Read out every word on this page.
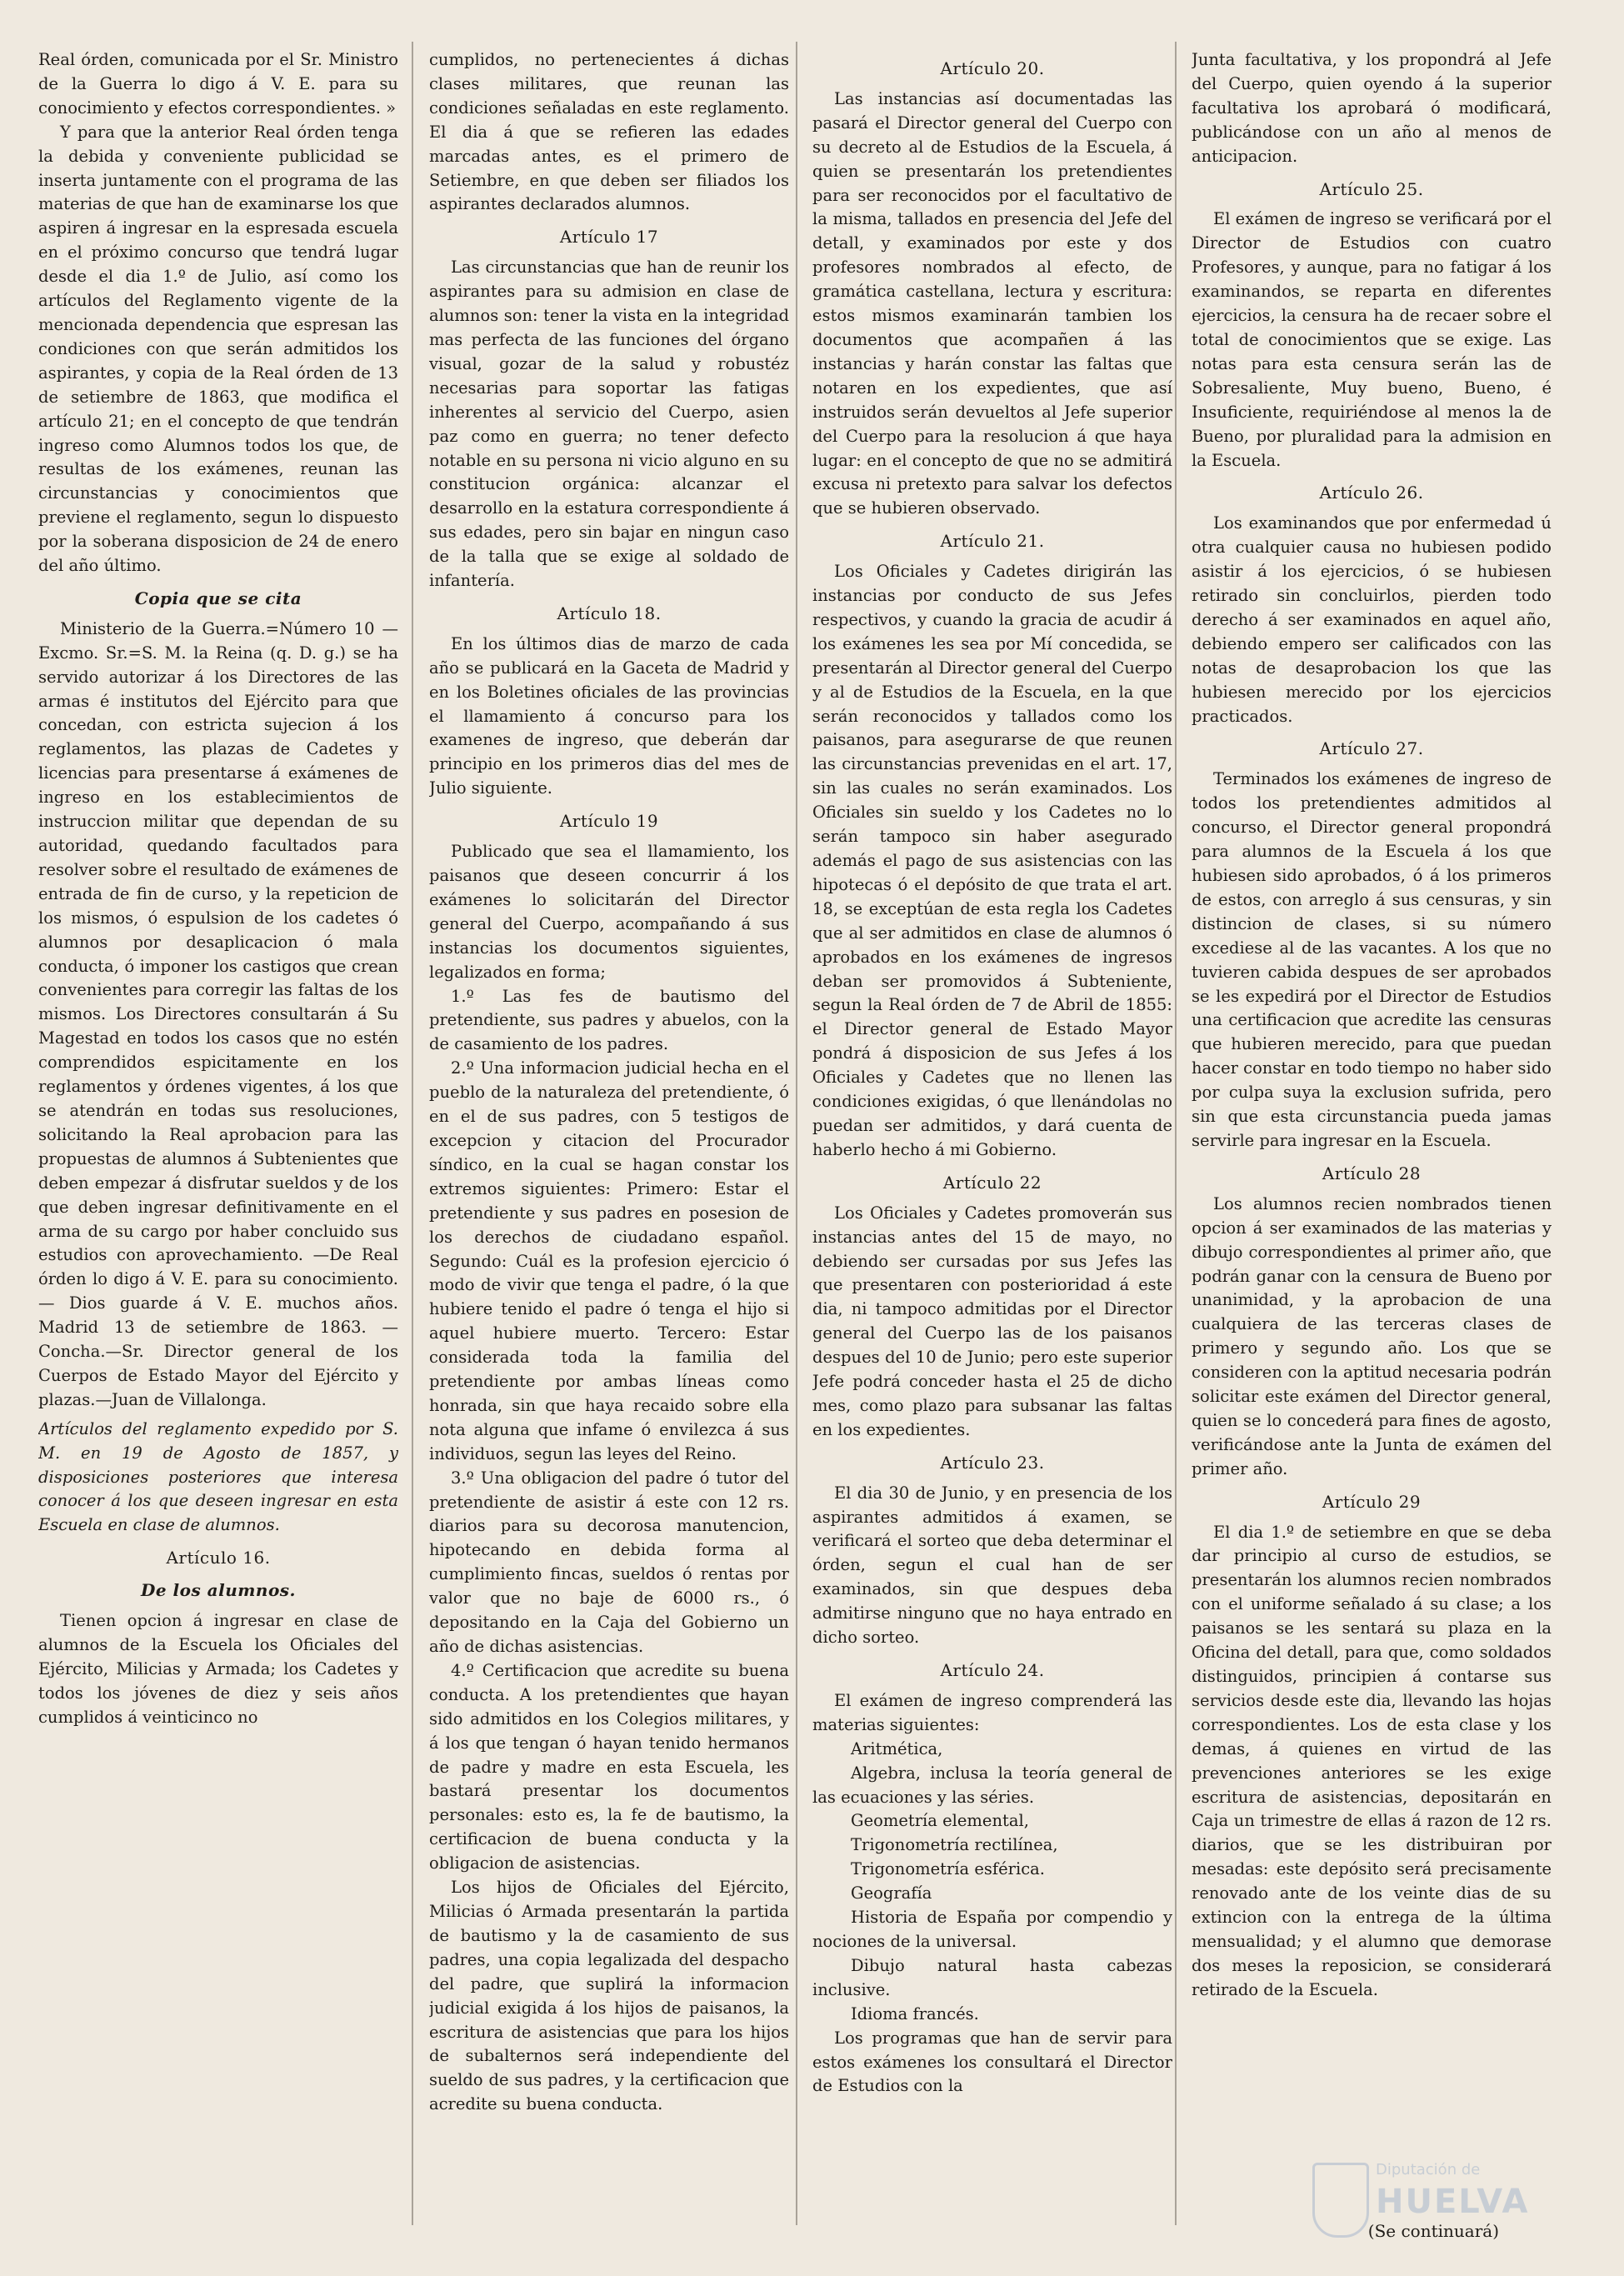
Real órden, comunicada por el Sr. Ministro de la Guerra lo digo á V. E. para su conocimiento y efectos correspondientes. »

Y para que la anterior Real órden tenga la debida y conveniente publicidad se inserta juntamente con el programa de las materias de que han de examinarse los que aspiren á ingresar en la espresada escuela en el próximo concurso que tendrá lugar desde el dia 1.º de Julio, así como los artículos del Reglamento vigente de la mencionada dependencia que espresan las condiciones con que serán admitidos los aspirantes, y copia de la Real órden de 13 de setiembre de 1863, que modifica el artículo 21; en el concepto de que tendrán ingreso como Alumnos todos los que, de resultas de los exámenes, reunan las circunstancias y conocimientos que previene el reglamento, segun lo dispuesto por la soberana disposicion de 24 de enero del año último.

Copia que se cita

Ministerio de la Guerra.=Número 10 —Excmo. Sr.=S. M. la Reina (q. D. g.) se ha servido autorizar á los Directores de las armas é institutos del Ejército para que concedan, con estricta sujecion á los reglamentos, las plazas de Cadetes y licencias para presentarse á exámenes de ingreso en los establecimientos de instruccion militar que dependan de su autoridad, quedando facultados para resolver sobre el resultado de exámenes de entrada de fin de curso, y la repeticion de los mismos, ó espulsion de los cadetes ó alumnos por desaplicacion ó mala conducta, ó imponer los castigos que crean convenientes para corregir las faltas de los mismos. Los Directores consultarán á Su Magestad en todos los casos que no estén comprendidos espicitamente en los reglamentos y órdenes vigentes, á los que se atendrán en todas sus resoluciones, solicitando la Real aprobacion para las propuestas de alumnos á Subtenientes que deben empezar á disfrutar sueldos y de los que deben ingresar definitivamente en el arma de su cargo por haber concluido sus estudios con aprovechamiento. —De Real órden lo digo á V. E. para su conocimiento.— Dios guarde á V. E. muchos años. Madrid 13 de setiembre de 1863. —Concha.—Sr. Director general de los Cuerpos de Estado Mayor del Ejército y plazas.—Juan de Villalonga.

Artículos del reglamento expedido por S. M. en 19 de Agosto de 1857, y disposiciones posteriores que interesa conocer á los que deseen ingresar en esta Escuela en clase de alumnos.

Artículo 16.
De los alumnos.

Tienen opcion á ingresar en clase de alumnos de la Escuela los Oficiales del Ejército, Milicias y Armada; los Cadetes y todos los jóvenes de diez y seis años cumplidos á veinticinco no

cumplidos, no pertenecientes á dichas clases militares, que reunan las condiciones señaladas en este reglamento. El dia á que se refieren las edades marcadas antes, es el primero de Setiembre, en que deben ser filiados los aspirantes declarados alumnos.

Artículo 17

Las circunstancias que han de reunir los aspirantes para su admision en clase de alumnos son: tener la vista en la integridad mas perfecta de las funciones del órgano visual, gozar de la salud y robustéz necesarias para soportar las fatigas inherentes al servicio del Cuerpo, asien paz como en guerra; no tener defecto notable en su persona ni vicio alguno en su constitucion orgánica: alcanzar el desarrollo en la estatura correspondiente á sus edades, pero sin bajar en ningun caso de la talla que se exige al soldado de infantería.

Artículo 18.

En los últimos dias de marzo de cada año se publicará en la Gaceta de Madrid y en los Boletines oficiales de las provincias el llamamiento á concurso para los examenes de ingreso, que deberán dar principio en los primeros dias del mes de Julio siguiente.

Artículo 19

Publicado que sea el llamamiento, los paisanos que deseen concurrir á los exámenes lo solicitarán del Director general del Cuerpo, acompañando á sus instancias los documentos siguientes, legalizados en forma;

1.º Las fes de bautismo del pretendiente, sus padres y abuelos, con la de casamiento de los padres.

2.º Una informacion judicial hecha en el pueblo de la naturaleza del pretendiente, ó en el de sus padres, con 5 testigos de excepcion y citacion del Procurador síndico, en la cual se hagan constar los extremos siguientes: Primero: Estar el pretendiente y sus padres en posesion de los derechos de ciudadano español. Segundo: Cuál es la profesion ejercicio ó modo de vivir que tenga el padre, ó la que hubiere tenido el padre ó tenga el hijo si aquel hubiere muerto. Tercero: Estar considerada toda la familia del pretendiente por ambas líneas como honrada, sin que haya recaido sobre ella nota alguna que infame ó envilezca á sus individuos, segun las leyes del Reino.

3.º Una obligacion del padre ó tutor del pretendiente de asistir á este con 12 rs. diarios para su decorosa manutencion, hipotecando en debida forma al cumplimiento fincas, sueldos ó rentas por valor que no baje de 6000 rs., ó depositando en la Caja del Gobierno un año de dichas asistencias.

4.º Certificacion que acredite su buena conducta. A los pretendientes que hayan sido admitidos en los Colegios militares, y á los que tengan ó hayan tenido hermanos de padre y madre en esta Escuela, les bastará presentar los documentos personales: esto es, la fe de bautismo, la certificacion de buena conducta y la obligacion de asistencias.

Los hijos de Oficiales del Ejército, Milicias ó Armada presentarán la partida de bautismo y la de casamiento de sus padres, una copia legalizada del despacho del padre, que suplirá la informacion judicial exigida á los hijos de paisanos, la escritura de asistencias que para los hijos de subalternos será independiente del sueldo de sus padres, y la certificacion que acredite su buena conducta.

Artículo 20.

Las instancias así documentadas las pasará el Director general del Cuerpo con su decreto al de Estudios de la Escuela, á quien se presentarán los pretendientes para ser reconocidos por el facultativo de la misma, tallados en presencia del Jefe del detall, y examinados por este y dos profesores nombrados al efecto, de gramática castellana, lectura y escritura: estos mismos examinarán tambien los documentos que acompañen á las instancias y harán constar las faltas que notaren en los expedientes, que así instruidos serán devueltos al Jefe superior del Cuerpo para la resolucion á que haya lugar: en el concepto de que no se admitirá excusa ni pretexto para salvar los defectos que se hubieren observado.

Artículo 21.

Los Oficiales y Cadetes dirigirán las instancias por conducto de sus Jefes respectivos, y cuando la gracia de acudir á los exámenes les sea por Mí concedida, se presentarán al Director general del Cuerpo y al de Estudios de la Escuela, en la que serán reconocidos y tallados como los paisanos, para asegurarse de que reunen las circunstancias prevenidas en el art. 17, sin las cuales no serán examinados. Los Oficiales sin sueldo y los Cadetes no lo serán tampoco sin haber asegurado además el pago de sus asistencias con las hipotecas ó el depósito de que trata el art. 18, se exceptúan de esta regla los Cadetes que al ser admitidos en clase de alumnos ó aprobados en los exámenes de ingresos deban ser promovidos á Subteniente, segun la Real órden de 7 de Abril de 1855: el Director general de Estado Mayor pondrá á disposicion de sus Jefes á los Oficiales y Cadetes que no llenen las condiciones exigidas, ó que llenándolas no puedan ser admitidos, y dará cuenta de haberlo hecho á mi Gobierno.

Artículo 22

Los Oficiales y Cadetes promoverán sus instancias antes del 15 de mayo, no debiendo ser cursadas por sus Jefes las que presentaren con posterioridad á este dia, ni tampoco admitidas por el Director general del Cuerpo las de los paisanos despues del 10 de Junio; pero este superior Jefe podrá conceder hasta el 25 de dicho mes, como plazo para subsanar las faltas en los expedientes.

Artículo 23.

El dia 30 de Junio, y en presencia de los aspirantes admitidos á examen, se verificará el sorteo que deba determinar el órden, segun el cual han de ser examinados, sin que despues deba admitirse ninguno que no haya entrado en dicho sorteo.

Artículo 24.

El exámen de ingreso comprenderá las materias siguientes:

Aritmética,

Algebra, inclusa la teoría general de las ecuaciones y las séries.

Geometría elemental,

Trigonometría rectilínea,

Trigonometría esférica.

Geografía

Historia de España por compendio y nociones de la universal.

Dibujo natural hasta cabezas inclusive.

Idioma francés.

Los programas que han de servir para estos exámenes los consultará el Director de Estudios con la

Junta facultativa, y los propondrá al Jefe del Cuerpo, quien oyendo á la superior facultativa los aprobará ó modificará, publicándose con un año al menos de anticipacion.

Artículo 25.

El exámen de ingreso se verificará por el Director de Estudios con cuatro Profesores, y aunque, para no fatigar á los examinandos, se reparta en diferentes ejercicios, la censura ha de recaer sobre el total de conocimientos que se exige. Las notas para esta censura serán las de Sobresaliente, Muy bueno, Bueno, é Insuficiente, requiriéndose al menos la de Bueno, por pluralidad para la admision en la Escuela.

Artículo 26.

Los examinandos que por enfermedad ú otra cualquier causa no hubiesen podido asistir á los ejercicios, ó se hubiesen retirado sin concluirlos, pierden todo derecho á ser examinados en aquel año, debiendo empero ser calificados con las notas de desaprobacion los que las hubiesen merecido por los ejercicios practicados.

Artículo 27.

Terminados los exámenes de ingreso de todos los pretendientes admitidos al concurso, el Director general propondrá para alumnos de la Escuela á los que hubiesen sido aprobados, ó á los primeros de estos, con arreglo á sus censuras, y sin distincion de clases, si su número excediese al de las vacantes. A los que no tuvieren cabida despues de ser aprobados se les expedirá por el Director de Estudios una certificacion que acredite las censuras que hubieren merecido, para que puedan hacer constar en todo tiempo no haber sido por culpa suya la exclusion sufrida, pero sin que esta circunstancia pueda jamas servirle para ingresar en la Escuela.

Artículo 28

Los alumnos recien nombrados tienen opcion á ser examinados de las materias y dibujo correspondientes al primer año, que podrán ganar con la censura de Bueno por unanimidad, y la aprobacion de una cualquiera de las terceras clases de primero y segundo año. Los que se consideren con la aptitud necesaria podrán solicitar este exámen del Director general, quien se lo concederá para fines de agosto, verificándose ante la Junta de exámen del primer año.

Artículo 29

El dia 1.º de setiembre en que se deba dar principio al curso de estudios, se presentarán los alumnos recien nombrados con el uniforme señalado á su clase; a los paisanos se les sentará su plaza en la Oficina del detall, para que, como soldados distinguidos, principien á contarse sus servicios desde este dia, llevando las hojas correspondientes. Los de esta clase y los demas, á quienes en virtud de las prevenciones anteriores se les exige escritura de asistencias, depositarán en Caja un trimestre de ellas á razon de 12 rs. diarios, que se les distribuiran por mesadas: este depósito será precisamente renovado ante de los veinte dias de su extincion con la entrega de la última mensualidad; y el alumno que demorase dos meses la reposicion, se considerará retirado de la Escuela.

Diputación de
HUELVA
(Se continuará)
